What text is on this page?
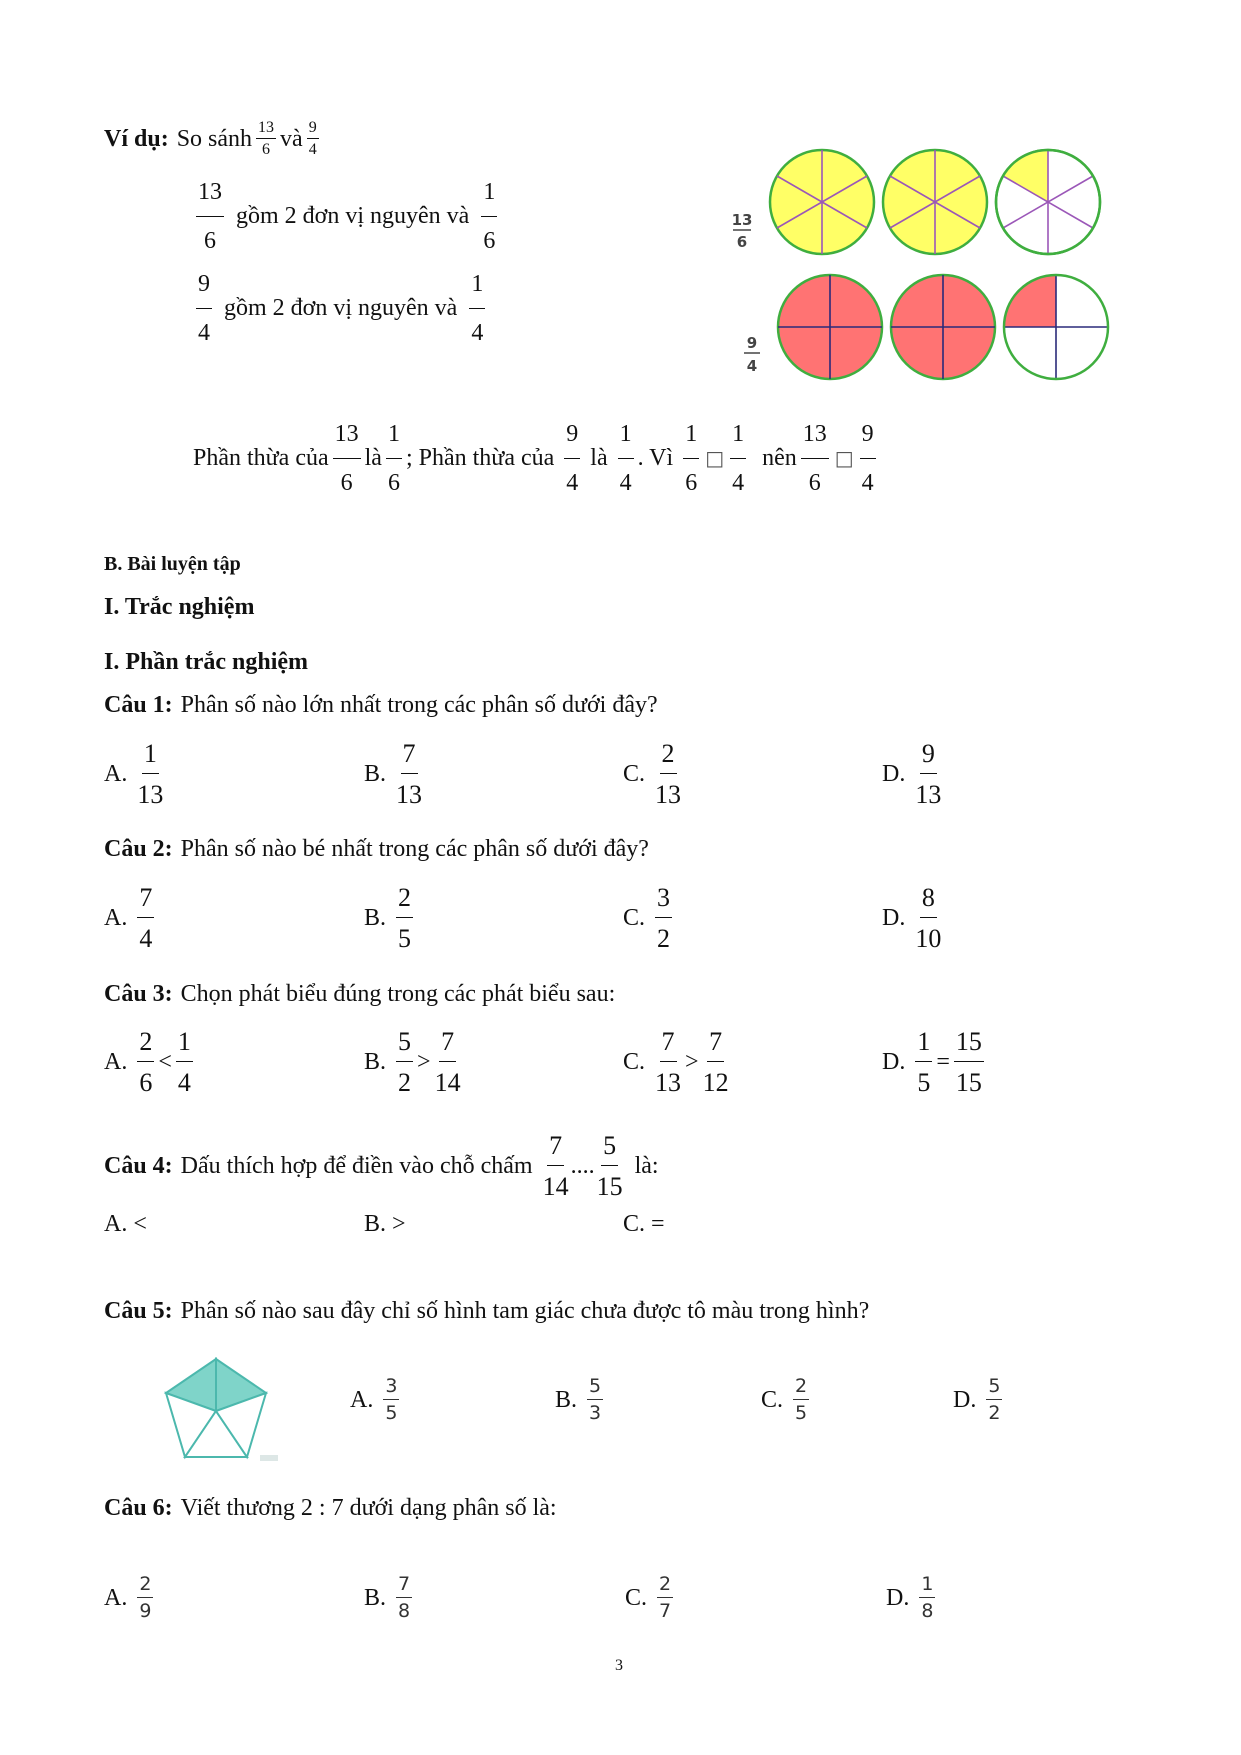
Ví dụ: So sánh $\frac{13}{6}$ và $\frac{9}{4}$
$\frac{13}{6}$ gồm 2 đơn vị nguyên và $\frac{1}{6}$
$\frac{9}{4}$ gồm 2 đơn vị nguyên và $\frac{1}{4}$
13
6
9
4
Phần thừa của $\frac{13}{6}$ là $\frac{1}{6}$ ; Phần thừa của $\frac{9}{4}$ là $\frac{1}{4}$ . Vì $\frac{1}{6}$ □ $\frac{1}{4}$ nên $\frac{13}{6}$ □ $\frac{9}{4}$
B. Bài luyện tập
I. Trắc nghiệm
I. Phần trắc nghiệm
Câu 1: Phân số nào lớn nhất trong các phân số dưới đây?
A. $\frac{1}{13}$	B. $\frac{7}{13}$	C. $\frac{2}{13}$	D. $\frac{9}{13}$
Câu 2: Phân số nào bé nhất trong các phân số dưới đây?
A. $\frac{7}{4}$	B. $\frac{2}{5}$	C. $\frac{3}{2}$	D. $\frac{8}{10}$
Câu 3: Chọn phát biểu đúng trong các phát biểu sau:
A. $\frac{2}{6} < \frac{1}{4}$	B. $\frac{5}{2} > \frac{7}{14}$	C. $\frac{7}{13} > \frac{7}{12}$	D. $\frac{1}{5} = \frac{15}{15}$
Câu 4: Dấu thích hợp để điền vào chỗ chấm $\frac{7}{14}$ .... $\frac{5}{15}$ là:
A. <	B. >	C. =
Câu 5: Phân số nào sau đây chỉ số hình tam giác chưa được tô màu trong hình?
A. $\frac{3}{5}$	B. $\frac{5}{3}$	C. $\frac{2}{5}$	D. $\frac{5}{2}$
Câu 6: Viết thương 2 : 7 dưới dạng phân số là:
A. $\frac{2}{9}$	B. $\frac{7}{8}$	C. $\frac{2}{7}$	D. $\frac{1}{8}$
3
